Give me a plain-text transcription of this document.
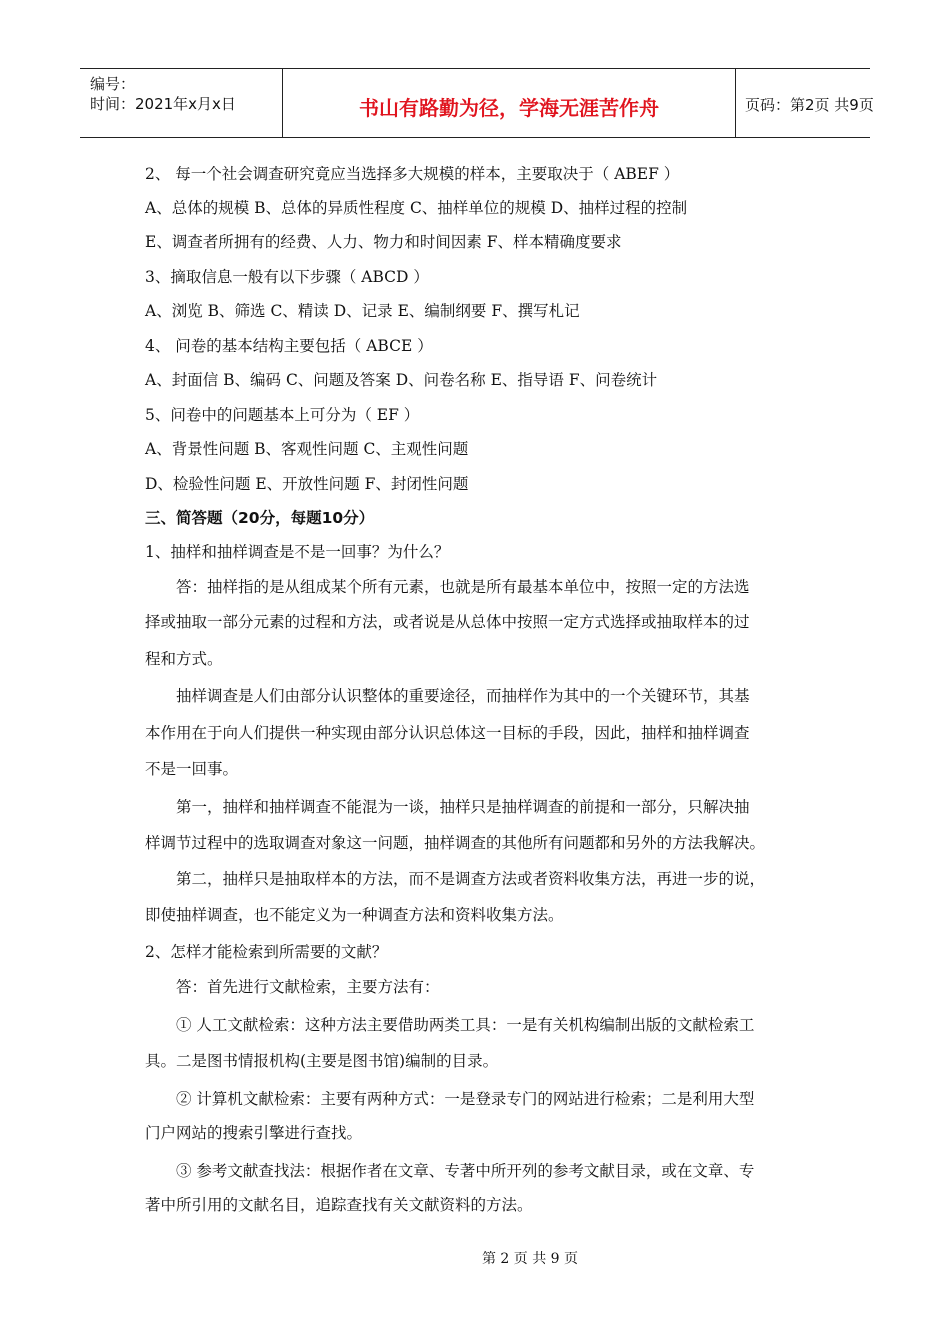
编号：
时间：2021年x月x日	书山有路勤为径，学海无涯苦作舟	页码：第2页 共9页
2、 每一个社会调查研究竟应当选择多大规模的样本，主要取决于（ ABEF ）
A、总体的规模 B、总体的异质性程度 C、抽样单位的规模 D、抽样过程的控制
E、调查者所拥有的经费、人力、物力和时间因素 F、样本精确度要求
3、摘取信息一般有以下步骤（ ABCD ）
A、浏览 B、筛选 C、精读 D、记录 E、编制纲要 F、撰写札记
4、 问卷的基本结构主要包括（ ABCE ）
A、封面信 B、编码 C、问题及答案 D、问卷名称 E、指导语 F、问卷统计
5、问卷中的问题基本上可分为（ EF ）
A、背景性问题 B、客观性问题 C、主观性问题
D、检验性问题 E、开放性问题 F、封闭性问题
三、简答题（20分，每题10分）
1、抽样和抽样调查是不是一回事？为什么？
答：抽样指的是从组成某个所有元素，也就是所有最基本单位中，按照一定的方法选
择或抽取一部分元素的过程和方法，或者说是从总体中按照一定方式选择或抽取样本的过
程和方式。
抽样调查是人们由部分认识整体的重要途径，而抽样作为其中的一个关键环节，其基
本作用在于向人们提供一种实现由部分认识总体这一目标的手段，因此，抽样和抽样调查
不是一回事。
第一，抽样和抽样调查不能混为一谈，抽样只是抽样调查的前提和一部分，只解决抽
样调节过程中的选取调查对象这一问题，抽样调查的其他所有问题都和另外的方法我解决。
第二，抽样只是抽取样本的方法，而不是调查方法或者资料收集方法，再进一步的说，
即使抽样调查，也不能定义为一种调查方法和资料收集方法。
2、怎样才能检索到所需要的文献？
答：首先进行文献检索，主要方法有：
① 人工文献检索：这种方法主要借助两类工具：一是有关机构编制出版的文献检索工
具。二是图书情报机构(主要是图书馆)编制的目录。
② 计算机文献检索：主要有两种方式：一是登录专门的网站进行检索；二是利用大型
门户网站的搜索引擎进行查找。
③ 参考文献查找法：根据作者在文章、专著中所开列的参考文献目录，或在文章、专
著中所引用的文献名目，追踪查找有关文献资料的方法。
第 2 页 共 9 页
